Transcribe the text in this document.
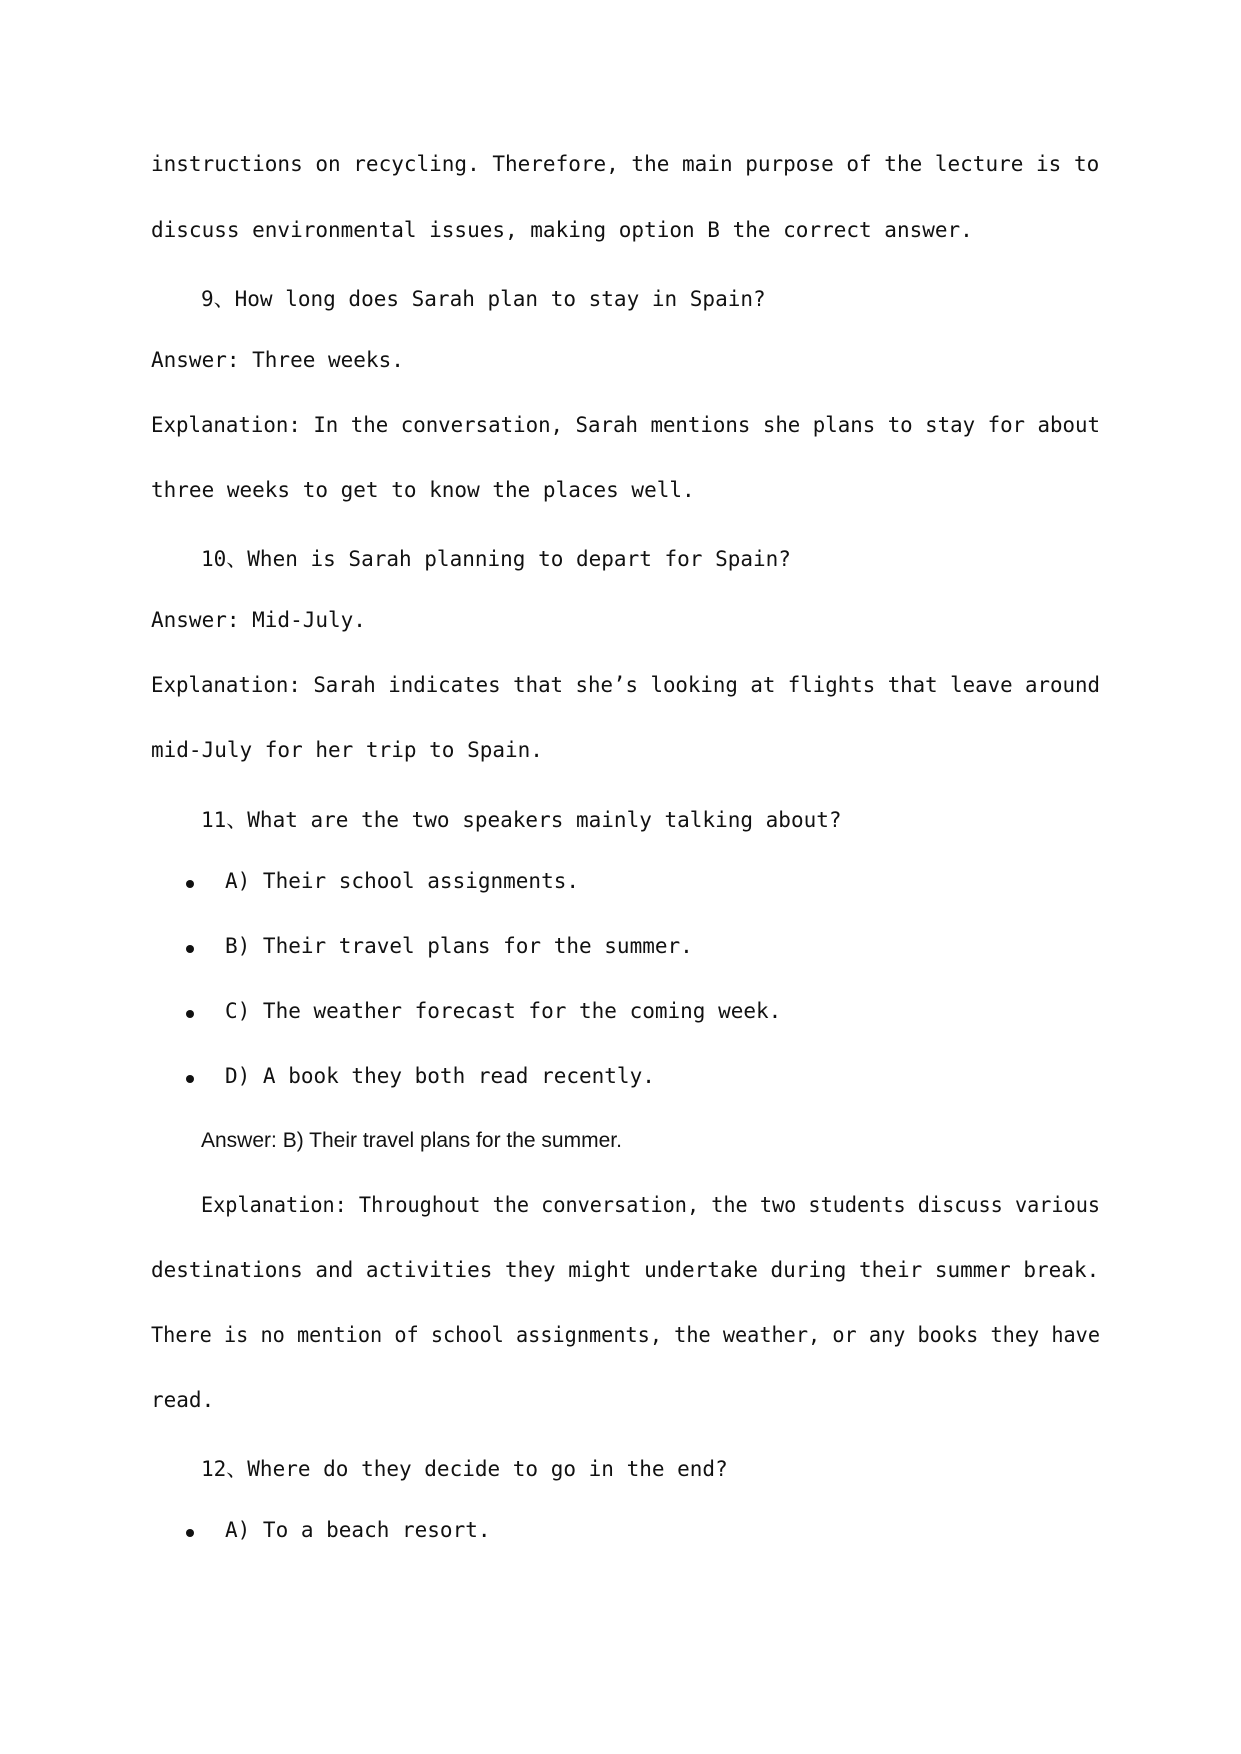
instructions on recycling. Therefore, the main purpose of the lecture is to
discuss environmental issues, making option B the correct answer.
9、How long does Sarah plan to stay in Spain?
Answer: Three weeks.
Explanation: In the conversation, Sarah mentions she plans to stay for about
three weeks to get to know the places well.
10、When is Sarah planning to depart for Spain?
Answer: Mid-July.
Explanation: Sarah indicates that she’s looking at flights that leave around
mid-July for her trip to Spain.
11、What are the two speakers mainly talking about?
A) Their school assignments.
B) Their travel plans for the summer.
C) The weather forecast for the coming week.
D) A book they both read recently.
Answer: B) Their travel plans for the summer.
Explanation: Throughout the conversation, the two students discuss various
destinations and activities they might undertake during their summer break.
There is no mention of school assignments, the weather, or any books they have
read.
12、Where do they decide to go in the end?
A) To a beach resort.
